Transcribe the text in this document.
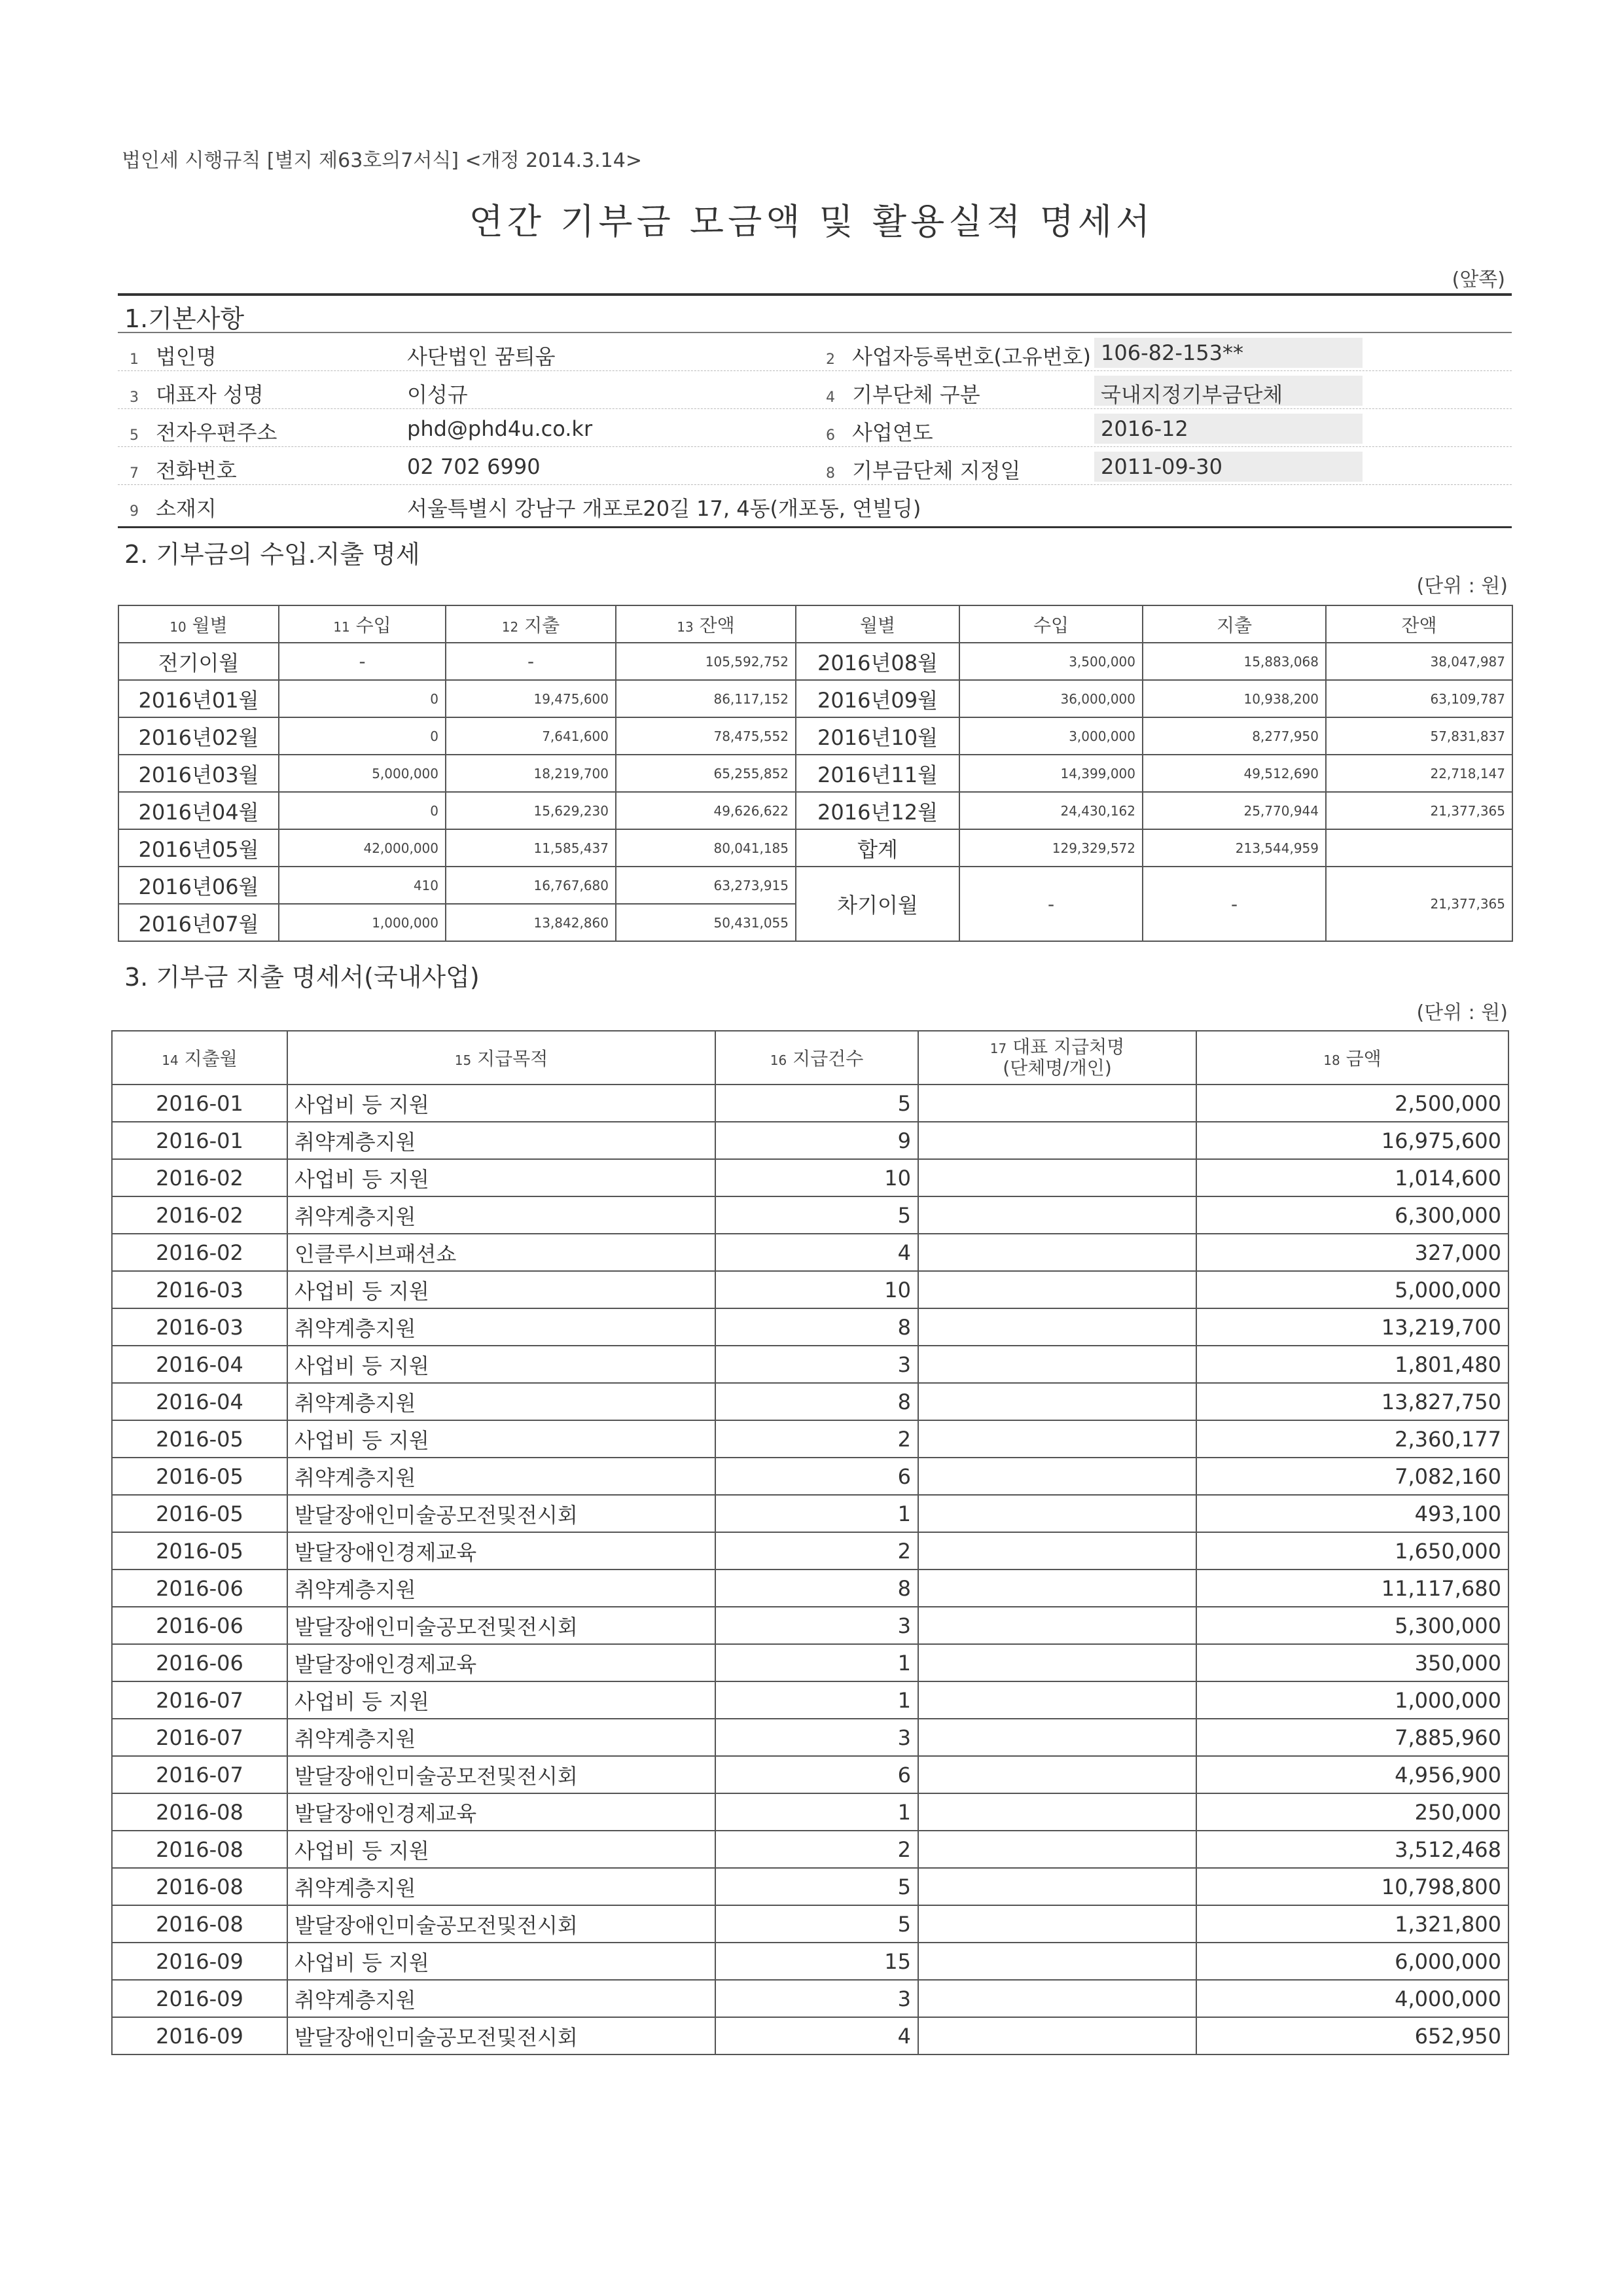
법인세 시행규칙 [별지 제63호의7서식] <개정 2014.3.14>
연간 기부금 모금액 및 활용실적 명세서
(앞쪽)
1.기본사항
1 법인명	사단법인 꿈틔움	2 사업자등록번호(고유번호) 106-82-153**
3 대표자 성명	이성규	4 기부단체 구분	국내지정기부금단체
5 전자우편주소	phd@phd4u.co.kr	6 사업연도	2016-12
7 전화번호	02 702 6990	8 기부금단체 지정일	2011-09-30
9 소재지	서울특별시 강남구 개포로20길 17, 4동(개포동, 연빌딩)
2. 기부금의 수입.지출 명세
(단위 : 원)
10 월별	11 수입	12 지출	13 잔액	월별	수입	지출	잔액
전기이월	-	-	105,592,752	2016년08월	3,500,000	15,883,068	38,047,987
2016년01월	0	19,475,600	86,117,152	2016년09월	36,000,000	10,938,200	63,109,787
2016년02월	0	7,641,600	78,475,552	2016년10월	3,000,000	8,277,950	57,831,837
2016년03월	5,000,000	18,219,700	65,255,852	2016년11월	14,399,000	49,512,690	22,718,147
2016년04월	0	15,629,230	49,626,622	2016년12월	24,430,162	25,770,944	21,377,365
2016년05월	42,000,000	11,585,437	80,041,185	합계	129,329,572	213,544,959	
2016년06월	410	16,767,680	63,273,915	차기이월	-	-	21,377,365
2016년07월	1,000,000	13,842,860	50,431,055				
3. 기부금 지출 명세서(국내사업)
(단위 : 원)
14 지출월	15 지급목적	16 지급건수	17 대표 지급처명
(단체명/개인)	18 금액
2016-01	사업비 등 지원	5		2,500,000
2016-01	취약계층지원	9		16,975,600
2016-02	사업비 등 지원	10		1,014,600
2016-02	취약계층지원	5		6,300,000
2016-02	인클루시브패션쇼	4		327,000
2016-03	사업비 등 지원	10		5,000,000
2016-03	취약계층지원	8		13,219,700
2016-04	사업비 등 지원	3		1,801,480
2016-04	취약계층지원	8		13,827,750
2016-05	사업비 등 지원	2		2,360,177
2016-05	취약계층지원	6		7,082,160
2016-05	발달장애인미술공모전및전시회	1		493,100
2016-05	발달장애인경제교육	2		1,650,000
2016-06	취약계층지원	8		11,117,680
2016-06	발달장애인미술공모전및전시회	3		5,300,000
2016-06	발달장애인경제교육	1		350,000
2016-07	사업비 등 지원	1		1,000,000
2016-07	취약계층지원	3		7,885,960
2016-07	발달장애인미술공모전및전시회	6		4,956,900
2016-08	발달장애인경제교육	1		250,000
2016-08	사업비 등 지원	2		3,512,468
2016-08	취약계층지원	5		10,798,800
2016-08	발달장애인미술공모전및전시회	5		1,321,800
2016-09	사업비 등 지원	15		6,000,000
2016-09	취약계층지원	3		4,000,000
2016-09	발달장애인미술공모전및전시회	4		652,950
